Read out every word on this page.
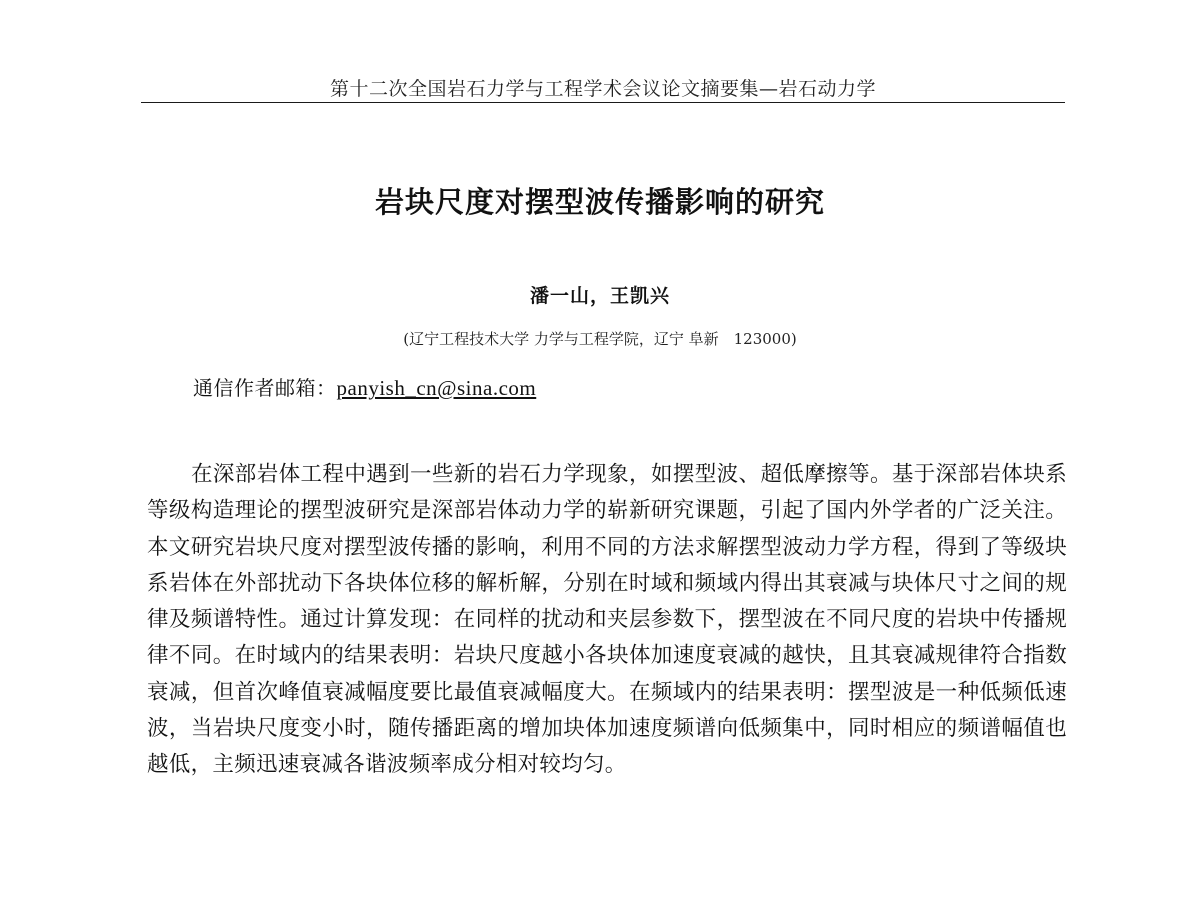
第十二次全国岩石力学与工程学术会议论文摘要集—岩石动力学
岩块尺度对摆型波传播影响的研究
潘一山，王凯兴
(辽宁工程技术大学 力学与工程学院，辽宁 阜新　123000)
通信作者邮箱：panyish_cn@sina.com

在深部岩体工程中遇到一些新的岩石力学现象，如摆型波、超低摩擦等。基于深部岩体块系等级构造理论的摆型波研究是深部岩体动力学的崭新研究课题，引起了国内外学者的广泛关注。本文研究岩块尺度对摆型波传播的影响，利用不同的方法求解摆型波动力学方程，得到了等级块系岩体在外部扰动下各块体位移的解析解，分别在时域和频域内得出其衰减与块体尺寸之间的规律及频谱特性。通过计算发现：在同样的扰动和夹层参数下，摆型波在不同尺度的岩块中传播规律不同。在时域内的结果表明：岩块尺度越小各块体加速度衰减的越快，且其衰减规律符合指数衰减，但首次峰值衰减幅度要比最值衰减幅度大。在频域内的结果表明：摆型波是一种低频低速波，当岩块尺度变小时，随传播距离的增加块体加速度频谱向低频集中，同时相应的频谱幅值也越低，主频迅速衰减各谐波频率成分相对较均匀。
